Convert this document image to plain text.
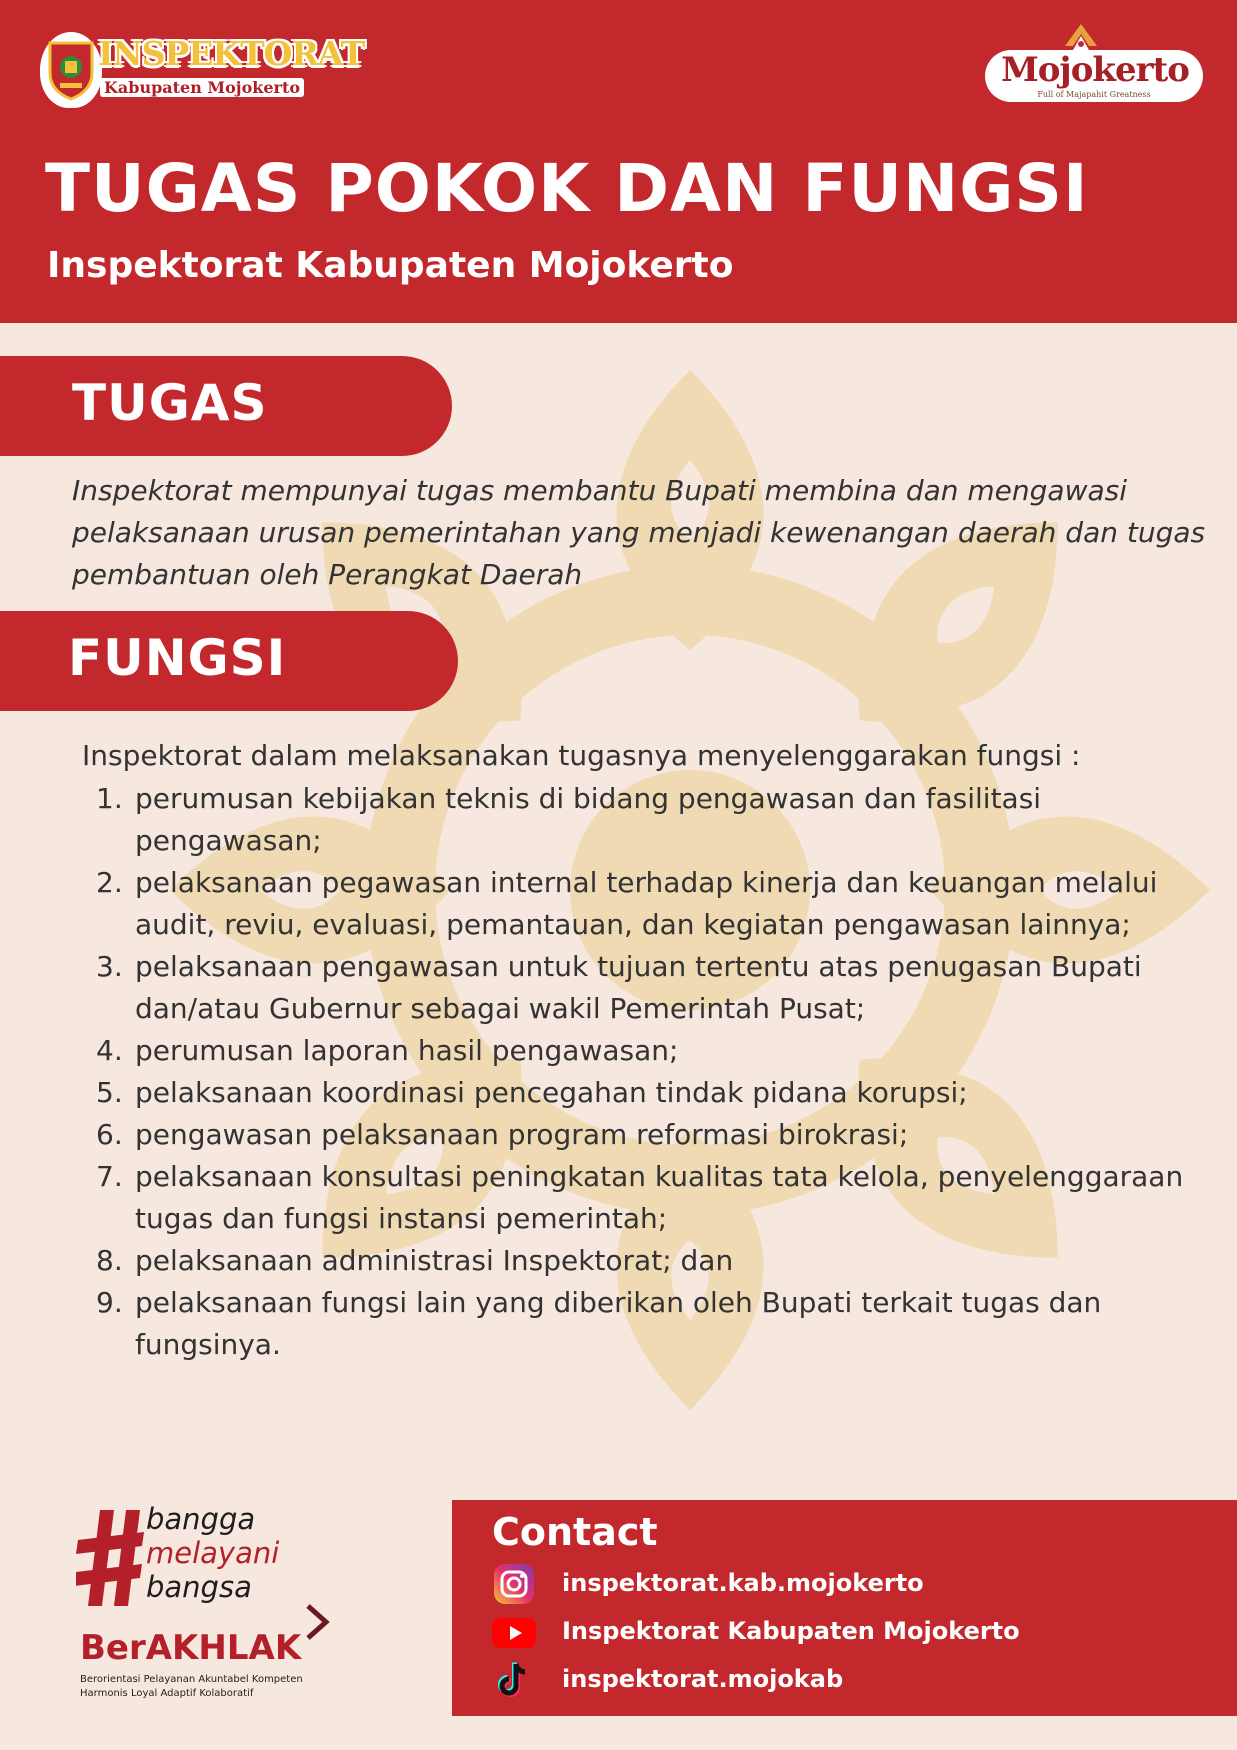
INSPEKTORAT
Kabupaten Mojokerto	Mojokerto
Full of Majapahit Greatness
TUGAS POKOK DAN FUNGSI
Inspektorat Kabupaten Mojokerto
TUGAS

Inspektorat mempunyai tugas membantu Bupati membina dan mengawasi pelaksanaan urusan pemerintahan yang menjadi kewenangan daerah dan tugas pembantuan oleh Perangkat Daerah

FUNGSI

Inspektorat dalam melaksanakan tugasnya menyelenggarakan fungsi :

1. perumusan kebijakan teknis di bidang pengawasan dan fasilitasi pengawasan;
2. pelaksanaan pegawasan internal terhadap kinerja dan keuangan melalui audit, reviu, evaluasi, pemantauan, dan kegiatan pengawasan lainnya;
3. pelaksanaan pengawasan untuk tujuan tertentu atas penugasan Bupati dan/atau Gubernur sebagai wakil Pemerintah Pusat;
4. perumusan laporan hasil pengawasan;
5. pelaksanaan koordinasi pencegahan tindak pidana korupsi;
6. pengawasan pelaksanaan program reformasi birokrasi;
7. pelaksanaan konsultasi peningkatan kualitas tata kelola, penyelenggaraan tugas dan fungsi instansi pemerintah;
8. pelaksanaan administrasi Inspektorat; dan
9. pelaksanaan fungsi lain yang diberikan oleh Bupati terkait tugas dan fungsinya.
bangga
melayani
bangsa
BerAKHLAK
Berorientasi Pelayanan Akuntabel Kompeten
Harmonis Loyal Adaptif Kolaboratif
Contact
inspektorat.kab.mojokerto
Inspektorat Kabupaten Mojokerto
inspektorat.mojokab
